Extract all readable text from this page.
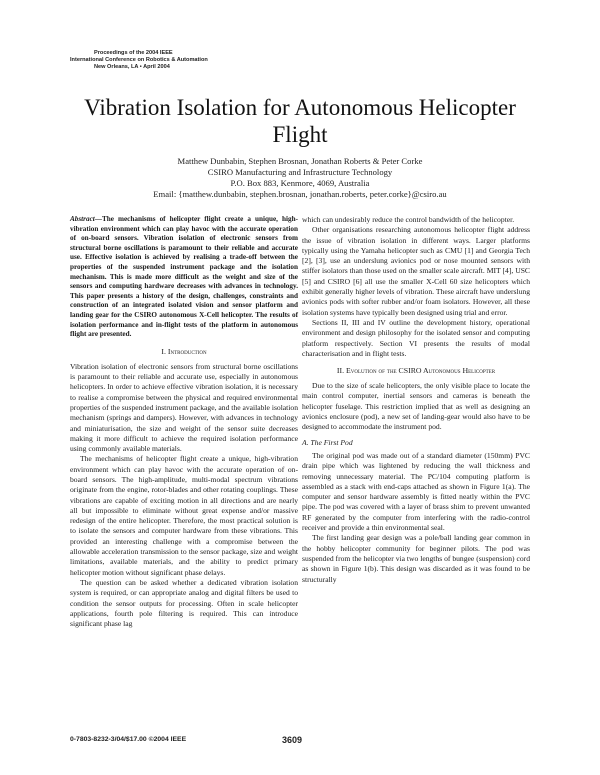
Proceedings of the 2004 IEEE
International Conference on Robotics & Automation
New Orleans, LA • April 2004
Vibration Isolation for Autonomous Helicopter
Flight
Matthew Dunbabin, Stephen Brosnan, Jonathan Roberts & Peter Corke
CSIRO Manufacturing and Infrastructure Technology
P.O. Box 883, Kenmore, 4069, Australia
Email: {matthew.dunbabin, stephen.brosnan, jonathan.roberts, peter.corke}@csiro.au

Abstract—The mechanisms of helicopter flight create a unique, high-vibration environment which can play havoc with the accurate operation of on-board sensors. Vibration isolation of electronic sensors from structural borne oscillations is paramount to their reliable and accurate use. Effective isolation is achieved by realising a trade-off between the properties of the suspended instrument package and the isolation mechanism. This is made more difficult as the weight and size of the sensors and computing hardware decreases with advances in technology. This paper presents a history of the design, challenges, constraints and construction of an integrated isolated vision and sensor platform and landing gear for the CSIRO autonomous X-Cell helicopter. The results of isolation performance and in-flight tests of the platform in autonomous flight are presented.

I. Introduction

Vibration isolation of electronic sensors from structural borne oscillations is paramount to their reliable and accurate use, especially in autonomous helicopters. In order to achieve effective vibration isolation, it is necessary to realise a compromise between the physical and required environmental properties of the suspended instrument package, and the available isolation mechanism (springs and dampers). However, with advances in technology and miniaturisation, the size and weight of the sensor suite decreases making it more difficult to achieve the required isolation performance using commonly available materials.

The mechanisms of helicopter flight create a unique, high-vibration environment which can play havoc with the accurate operation of on-board sensors. The high-amplitude, multi-modal spectrum vibrations originate from the engine, rotor-blades and other rotating couplings. These vibrations are capable of exciting motion in all directions and are nearly all but impossible to eliminate without great expense and/or massive redesign of the entire helicopter. Therefore, the most practical solution is to isolate the sensors and computer hardware from these vibrations. This provided an interesting challenge with a compromise between the allowable acceleration transmission to the sensor package, size and weight limitations, available materials, and the ability to predict primary helicopter motion without significant phase delays.

The question can be asked whether a dedicated vibration isolation system is required, or can appropriate analog and digital filters be used to condition the sensor outputs for processing. Often in scale helicopter applications, fourth pole filtering is required. This can introduce significant phase lag

which can undesirably reduce the control bandwidth of the helicopter.

Other organisations researching autonomous helicopter flight address the issue of vibration isolation in different ways. Larger platforms typically using the Yamaha helicopter such as CMU [1] and Georgia Tech [2], [3], use an underslung avionics pod or nose mounted sensors with stiffer isolators than those used on the smaller scale aircraft. MIT [4], USC [5] and CSIRO [6] all use the smaller X-Cell 60 size helicopters which exhibit generally higher levels of vibration. These aircraft have underslung avionics pods with softer rubber and/or foam isolators. However, all these isolation systems have typically been designed using trial and error.

Sections II, III and IV outline the development history, operational environment and design philosophy for the isolated sensor and computing platform respectively. Section VI presents the results of modal characterisation and in flight tests.

II. Evolution of the CSIRO Autonomous Helicopter

Due to the size of scale helicopters, the only visible place to locate the main control computer, inertial sensors and cameras is beneath the helicopter fuselage. This restriction implied that as well as designing an avionics enclosure (pod), a new set of landing-gear would also have to be designed to accommodate the instrument pod.

A. The First Pod

The original pod was made out of a standard diameter (150mm) PVC drain pipe which was lightened by reducing the wall thickness and removing unnecessary material. The PC/104 computing platform is assembled as a stack with end-caps attached as shown in Figure 1(a). The computer and sensor hardware assembly is fitted neatly within the PVC pipe. The pod was covered with a layer of brass shim to prevent unwanted RF generated by the computer from interfering with the radio-control receiver and provide a thin environmental seal.

The first landing gear design was a pole/ball landing gear common in the hobby helicopter community for beginner pilots. The pod was suspended from the helicopter via two lengths of bungee (suspension) cord as shown in Figure 1(b). This design was discarded as it was found to be structurally

0-7803-8232-3/04/$17.00 ©2004 IEEE	3609
